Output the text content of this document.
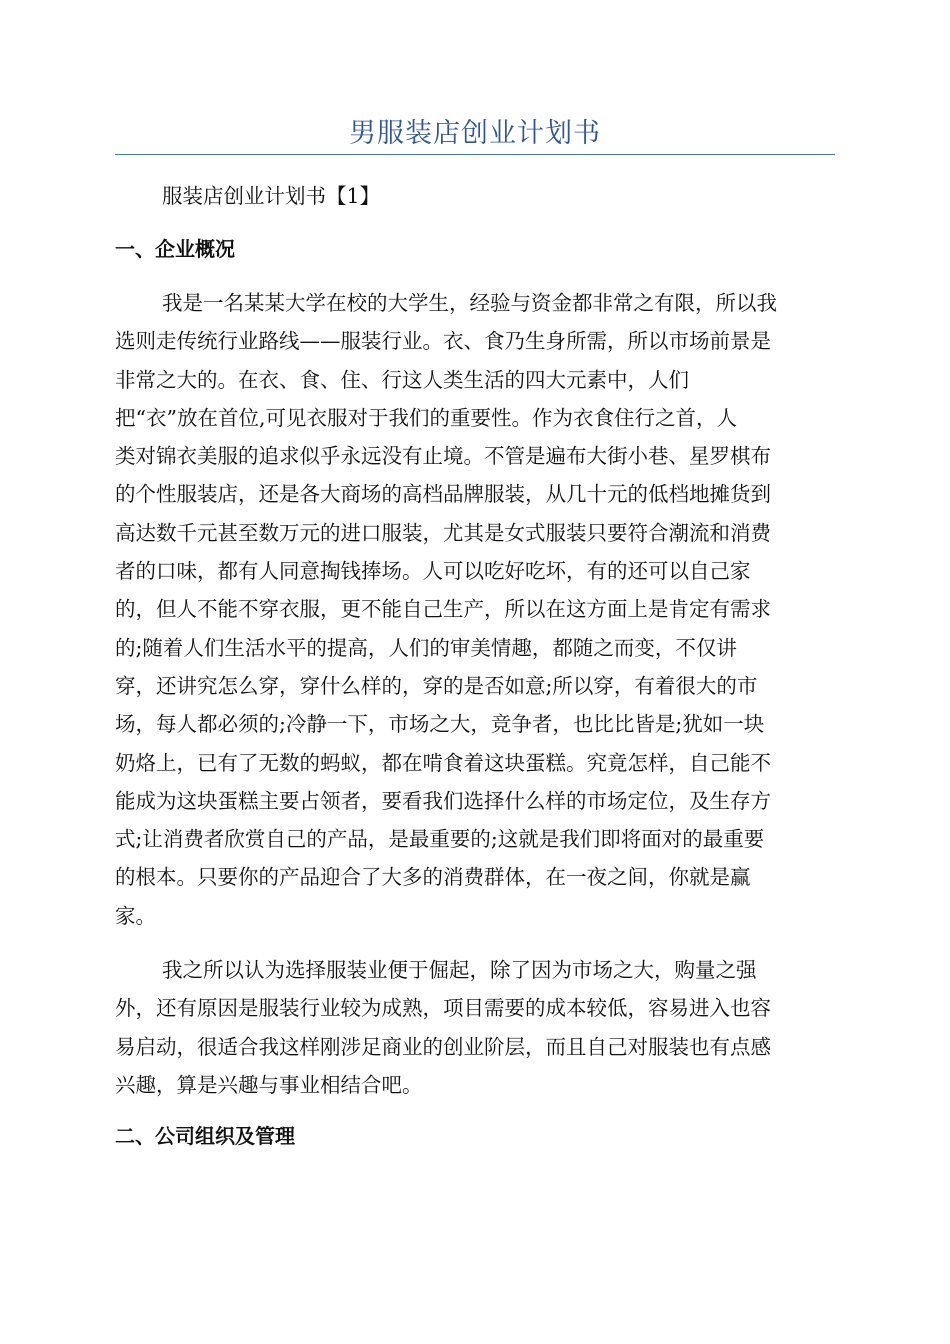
男服装店创业计划书
服装店创业计划书【1】
一、企业概况
我是一名某某大学在校的大学生，经验与资金都非常之有限，所以我
选则走传统行业路线——服装行业。衣、食乃生身所需，所以市场前景是
非常之大的。在衣、食、住、行这人类生活的四大元素中，人们
把“衣”放在首位,可见衣服对于我们的重要性。作为衣食住行之首，人
类对锦衣美服的追求似乎永远没有止境。不管是遍布大街小巷、星罗棋布
的个性服装店，还是各大商场的高档品牌服装，从几十元的低档地摊货到
高达数千元甚至数万元的进口服装，尤其是女式服装只要符合潮流和消费
者的口味，都有人同意掏钱捧场。人可以吃好吃坏，有的还可以自己家
的，但人不能不穿衣服，更不能自己生产，所以在这方面上是肯定有需求
的;随着人们生活水平的提高，人们的审美情趣，都随之而变，不仅讲
穿，还讲究怎么穿，穿什么样的，穿的是否如意;所以穿，有着很大的市
场，每人都必须的;冷静一下，市场之大，竞争者，也比比皆是;犹如一块
奶烙上，已有了无数的蚂蚁，都在啃食着这块蛋糕。究竟怎样，自己能不
能成为这块蛋糕主要占领者，要看我们选择什么样的市场定位，及生存方
式;让消费者欣赏自己的产品，是最重要的;这就是我们即将面对的最重要
的根本。只要你的产品迎合了大多的消费群体，在一夜之间，你就是赢
家。
我之所以认为选择服装业便于倔起，除了因为市场之大，购量之强
外，还有原因是服装行业较为成熟，项目需要的成本较低，容易进入也容
易启动，很适合我这样刚涉足商业的创业阶层，而且自己对服装也有点感
兴趣，算是兴趣与事业相结合吧。
二、公司组织及管理
